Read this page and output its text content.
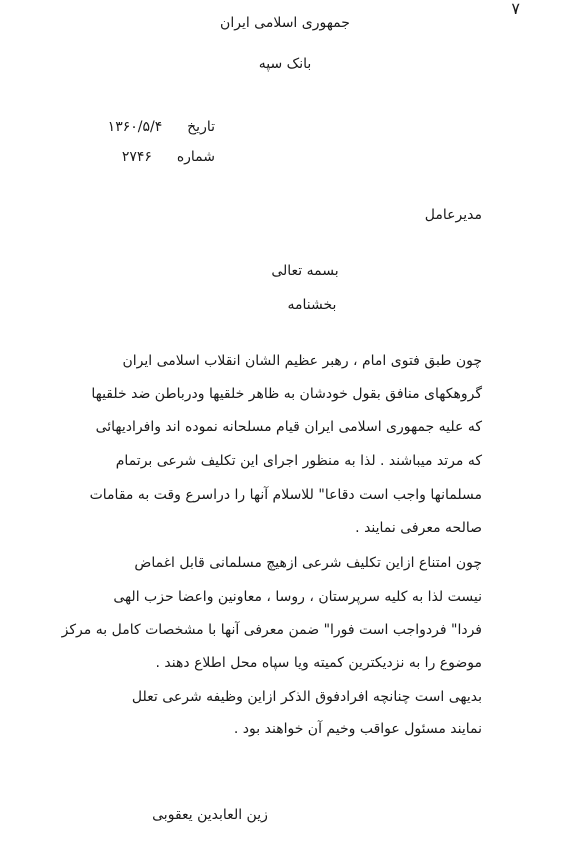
٧
جمهوری اسلامی ایران
بانک سپه
تاریخ  ۱۳۶۰/۵/۴
شماره  ۲۷۴۶
مدیرعامل
بسمه تعالی
بخشنامه
چون طبق فتوی امام ، رهبر عظیم الشان انقلاب اسلامی ایران
گروهکهای منافق بقول خودشان به ظاهر خلقیها ودرباطن ضد خلقیها
که علیه جمهوری اسلامی ایران قیام مسلحانه نموده اند وافرادیهائی
که مرتد میباشند . لذا به منظور اجرای این تکلیف شرعی برتمام
مسلمانها واجب است دقاعا" للاسلام آنها را دراسرع وقت به مقامات
صالحه معرفی نمایند .
چون امتناع ازاین تکلیف شرعی ازهیچ مسلمانی قابل اغماض
نیست لذا به کلیه سرپرستان ، روسا ، معاونین واعضا حزب الهی
فردا" فردواجب است فورا" ضمن معرفی آنها با مشخصات کامل به مرکز
موضوع را به نزدیکترین کمیته ویا سپاه محل اطلاع دهند .
بدیهی است چنانچه افرادفوق الذکر ازاین وظیفه شرعی تعلل
نمایند مسئول عواقب وخیم آن خواهند بود .
زین العابدین یعقوبی
